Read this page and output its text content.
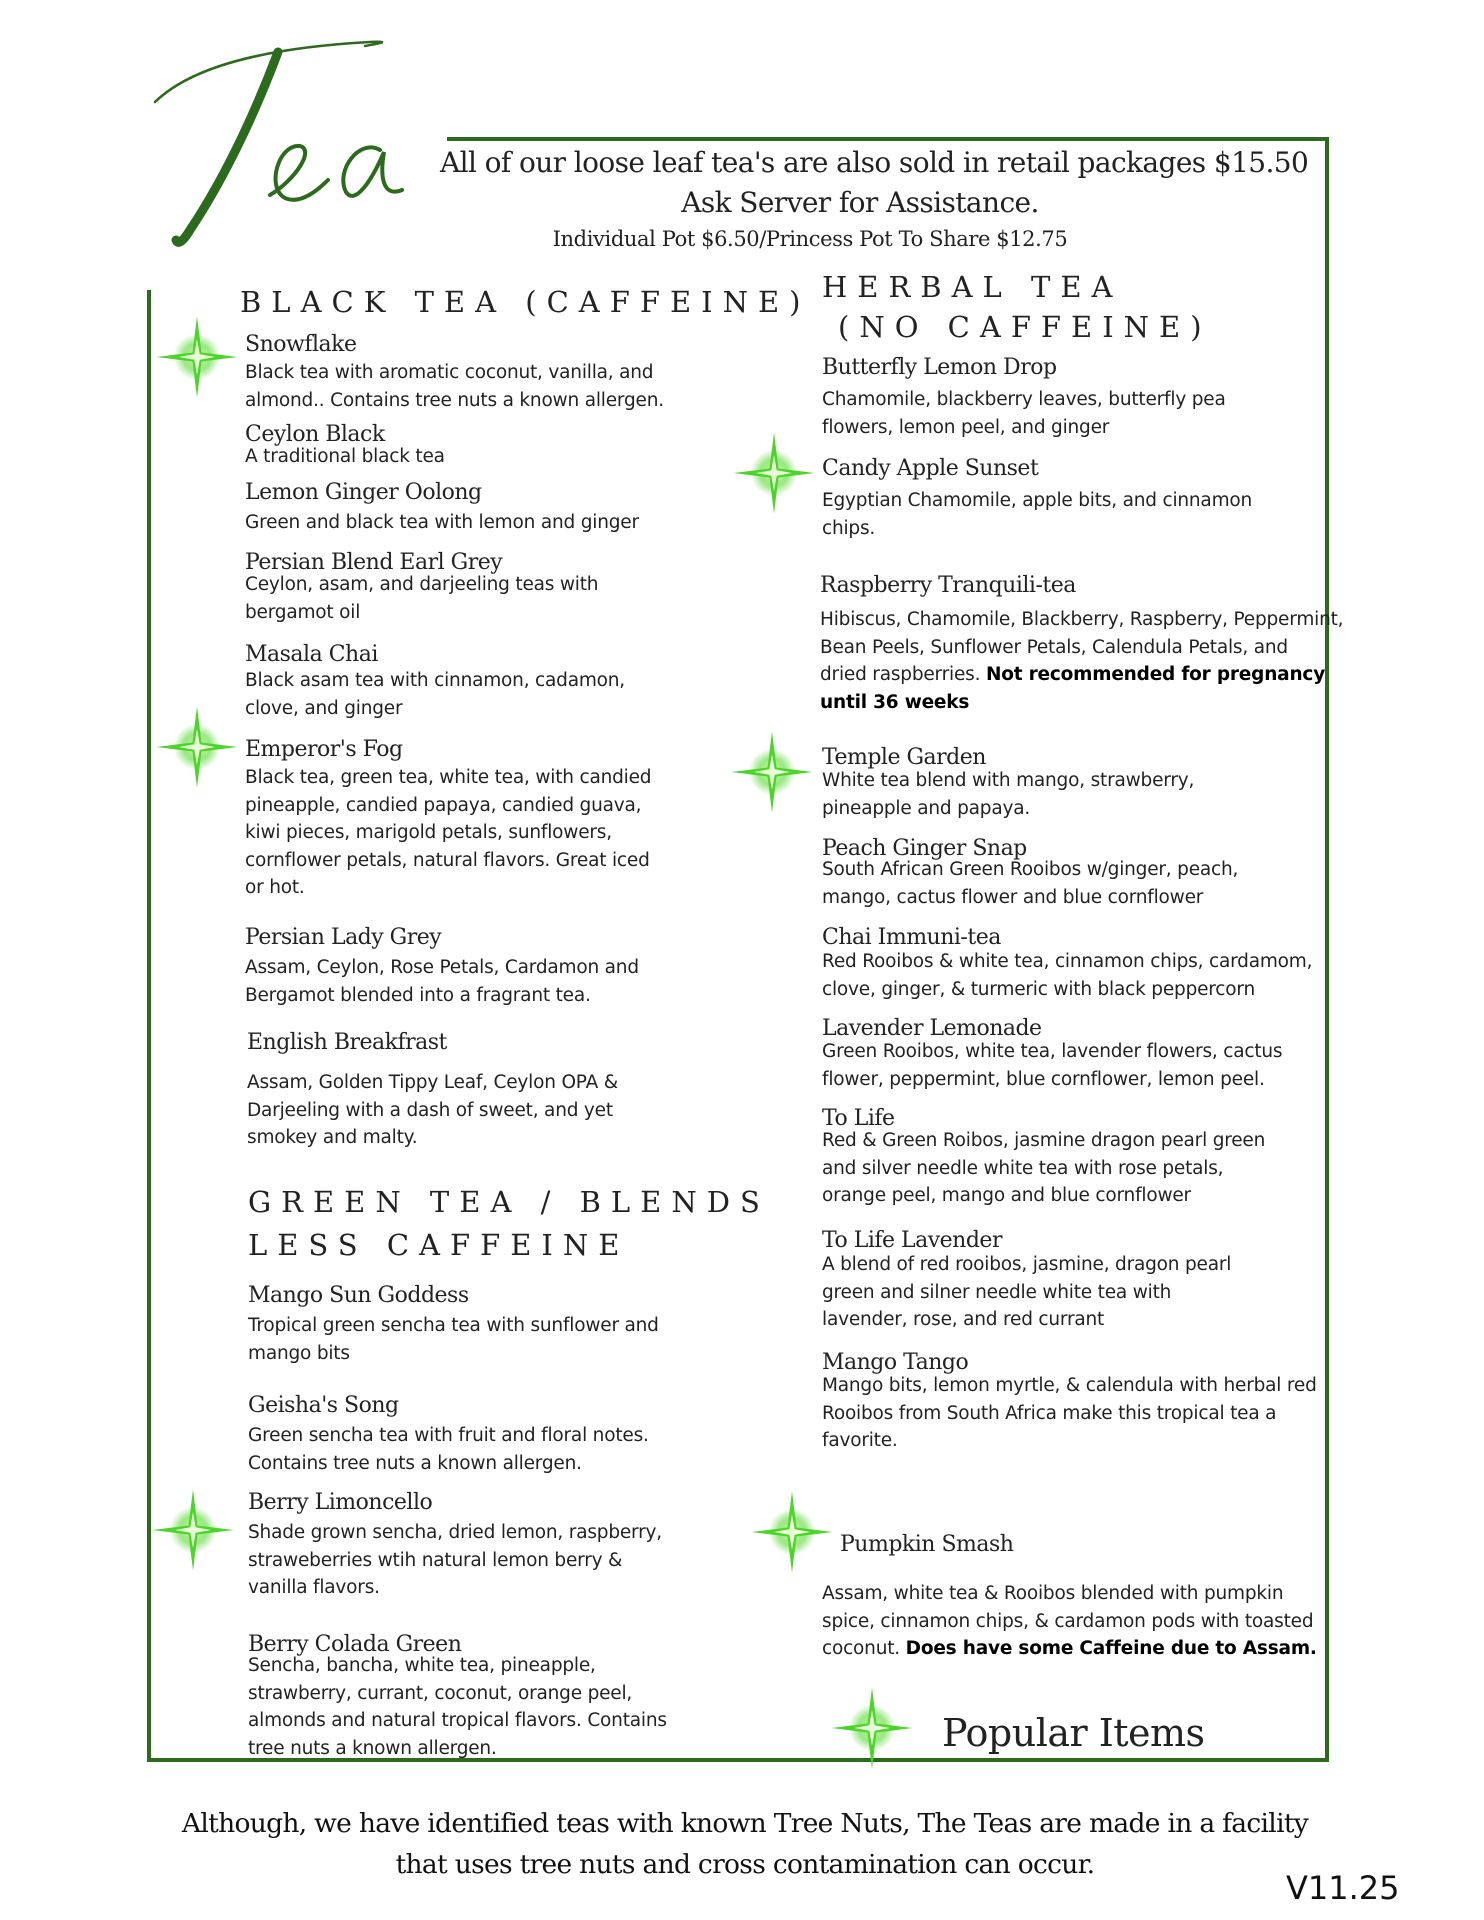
All of our loose leaf tea's are also sold in retail packages $15.50
Ask Server for Assistance.
Individual Pot $6.50/Princess Pot To Share $12.75
BLACK TEA (CAFFEINE) HERBAL TEA
(NO CAFFEINE)
GREEN TEA / BLENDS
LESS CAFFEINE
Snowflake
Black tea with aromatic coconut, vanilla, and
almond.. Contains tree nuts a known allergen.
Ceylon Black
A traditional black tea
Lemon Ginger Oolong
Green and black tea with lemon and ginger
Persian Blend Earl Grey
Ceylon, asam, and darjeeling teas with
bergamot oil
Masala Chai
Black asam tea with cinnamon, cadamon,
clove, and ginger
Emperor's Fog
Black tea, green tea, white tea, with candied
pineapple, candied papaya, candied guava,
kiwi pieces, marigold petals, sunflowers,
cornflower petals, natural flavors. Great iced
or hot.
Persian Lady Grey
Assam, Ceylon, Rose Petals, Cardamon and
Bergamot blended into a fragrant tea.
English Breakfrast
Assam, Golden Tippy Leaf, Ceylon OPA &
Darjeeling with a dash of sweet, and yet
smokey and malty.
Mango Sun Goddess
Tropical green sencha tea with sunflower and
mango bits
Geisha's Song
Green sencha tea with fruit and floral notes.
Contains tree nuts a known allergen.
Berry Limoncello
Shade grown sencha, dried lemon, raspberry,
straweberries wtih natural lemon berry &
vanilla flavors.
Berry Colada Green
Sencha, bancha, white tea, pineapple,
strawberry, currant, coconut, orange peel,
almonds and natural tropical flavors. Contains
tree nuts a known allergen.
Butterfly Lemon Drop
Chamomile, blackberry leaves, butterfly pea
flowers, lemon peel, and ginger
Candy Apple Sunset
Egyptian Chamomile, apple bits, and cinnamon
chips.
Raspberry Tranquili-tea
Hibiscus, Chamomile, Blackberry, Raspberry, Peppermint,
Bean Peels, Sunflower Petals, Calendula Petals, and
dried raspberries. Not recommended for pregnancy
until 36 weeks
Temple Garden
White tea blend with mango, strawberry,
pineapple and papaya.
Peach Ginger Snap
South African Green Rooibos w/ginger, peach,
mango, cactus flower and blue cornflower
Chai Immuni-tea
Red Rooibos & white tea, cinnamon chips, cardamom,
clove, ginger, & turmeric with black peppercorn
Lavender Lemonade
Green Rooibos, white tea, lavender flowers, cactus
flower, peppermint, blue cornflower, lemon peel.
To Life
Red & Green Roibos, jasmine dragon pearl green
and silver needle white tea with rose petals,
orange peel, mango and blue cornflower
To Life Lavender
A blend of red rooibos, jasmine, dragon pearl
green and silner needle white tea with
lavender, rose, and red currant
Mango Tango
Mango bits, lemon myrtle, & calendula with herbal red
Rooibos from South Africa make this tropical tea a
favorite.
Pumpkin Smash
Assam, white tea & Rooibos blended with pumpkin
spice, cinnamon chips, & cardamon pods with toasted
coconut. Does have some Caffeine due to Assam.
Popular Items
Although, we have identified teas with known Tree Nuts, The Teas are made in a facility
that uses tree nuts and cross contamination can occur.
V11.25
